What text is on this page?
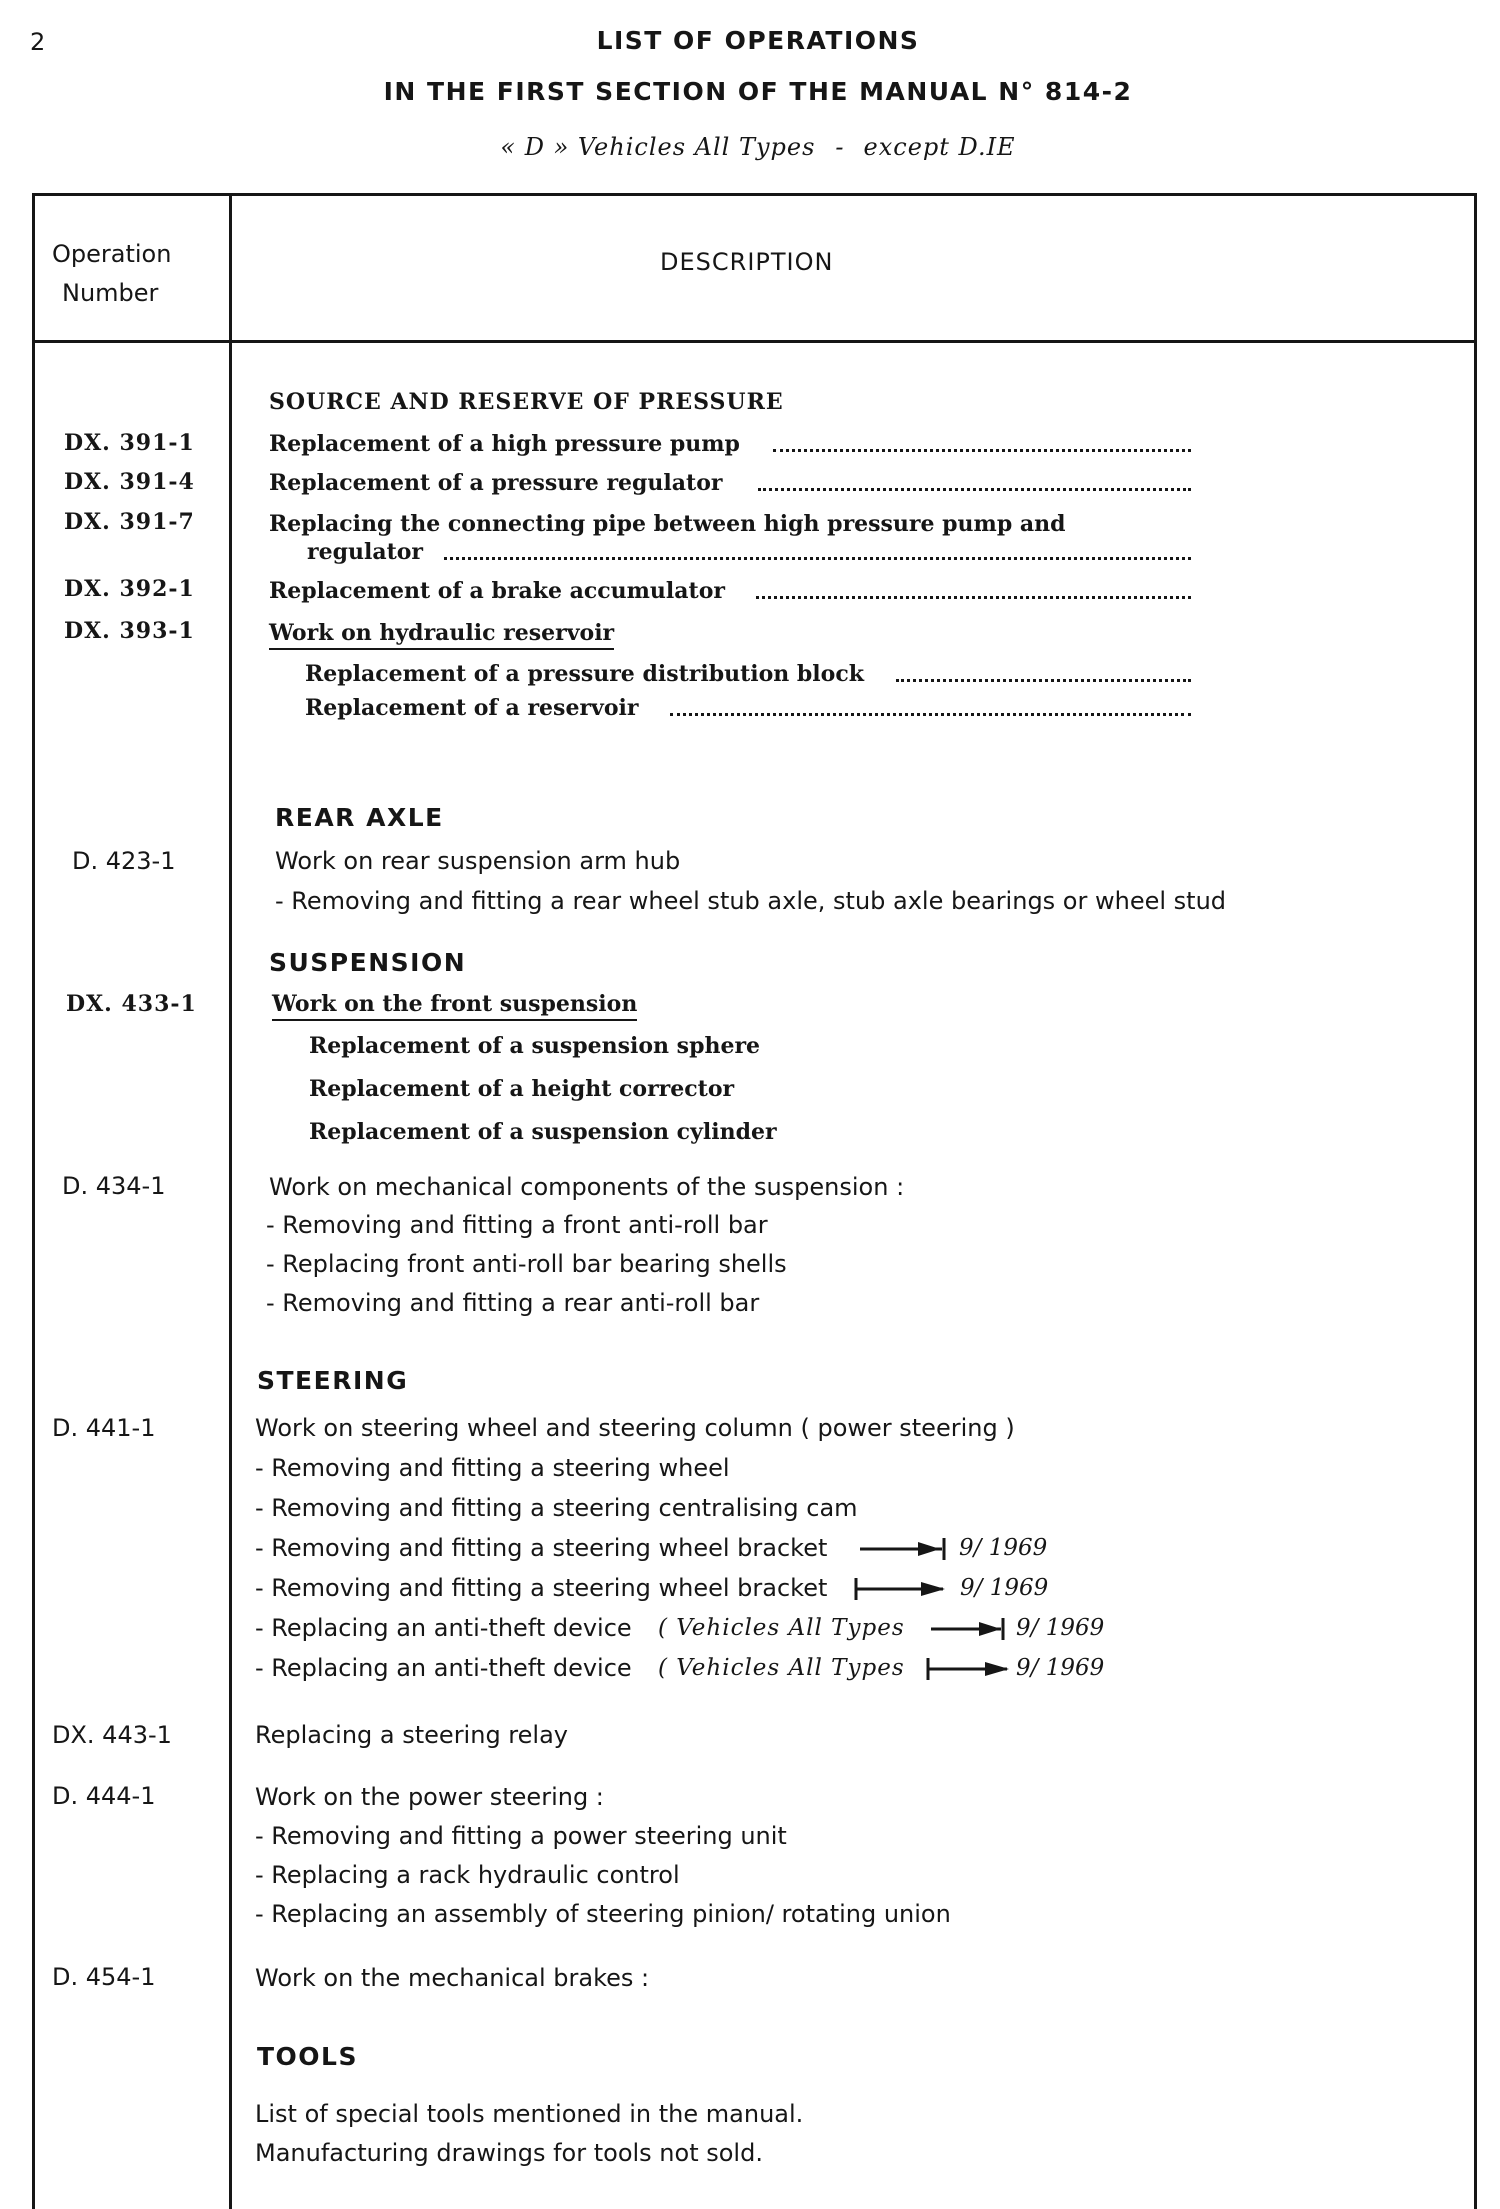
2	LIST OF OPERATIONS
IN THE FIRST SECTION OF THE MANUAL N° 814-2
« D » Vehicles All Types - except D.IE
Operation
Number
DESCRIPTION
SOURCE AND RESERVE OF PRESSURE
DX. 391-1	Replacement of a high pressure pump
DX. 391-4	Replacement of a pressure regulator
DX. 391-7	Replacing the connecting pipe between high pressure pump and
regulator
DX. 392-1	Replacement of a brake accumulator
DX. 393-1	Work on hydraulic reservoir
Replacement of a pressure distribution block
Replacement of a reservoir
REAR AXLE
D. 423-1	Work on rear suspension arm hub
- Removing and fitting a rear wheel stub axle, stub axle bearings or wheel stud
SUSPENSION
DX. 433-1	Work on the front suspension
Replacement of a suspension sphere
Replacement of a height corrector
Replacement of a suspension cylinder
D. 434-1	Work on mechanical components of the suspension :
- Removing and fitting a front anti-roll bar
- Replacing front anti-roll bar bearing shells
- Removing and fitting a rear anti-roll bar
STEERING
D. 441-1	Work on steering wheel and steering column ( power steering )
- Removing and fitting a steering wheel
- Removing and fitting a steering centralising cam
- Removing and fitting a steering wheel bracket	9/ 1969
- Removing and fitting a steering wheel bracket	9/ 1969
- Replacing an anti-theft device ( Vehicles All Types	9/ 1969
- Replacing an anti-theft device ( Vehicles All Types	9/ 1969
DX. 443-1	Replacing a steering relay
D. 444-1	Work on the power steering :
- Removing and fitting a power steering unit
- Replacing a rack hydraulic control
- Replacing an assembly of steering pinion/ rotating union
D. 454-1	Work on the mechanical brakes :
TOOLS
List of special tools mentioned in the manual.
Manufacturing drawings for tools not sold.
